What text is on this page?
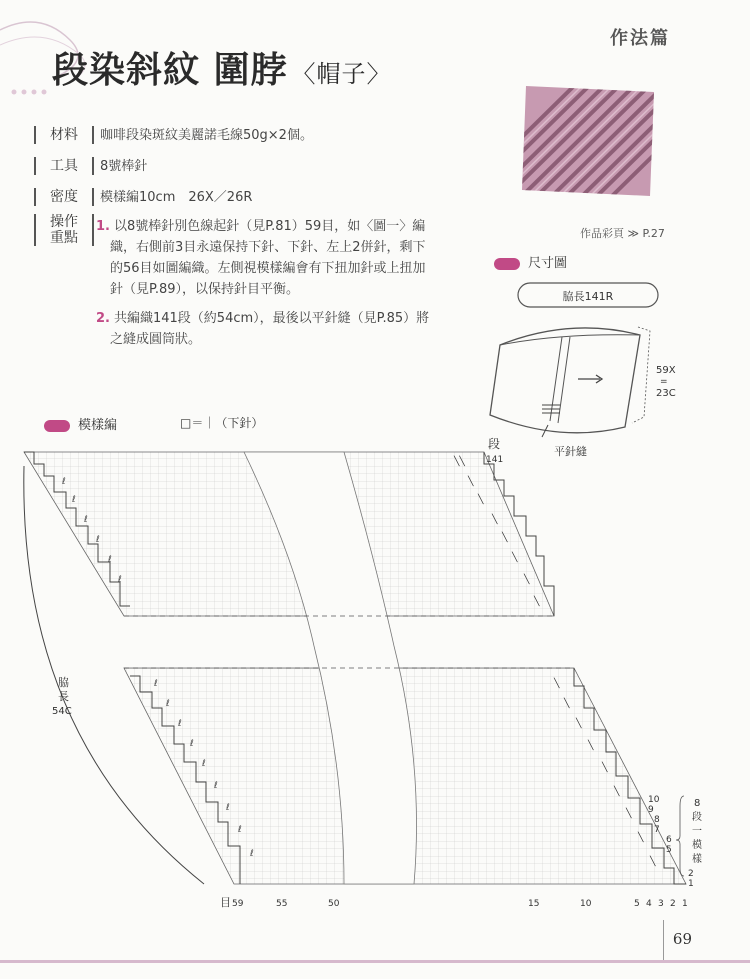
段染斜紋 圍脖 〈帽子〉
作法篇
材料 咖啡段染斑紋美麗諾毛線50g×2個。
工具 8號棒針
密度 模樣編10cm　26X／26R
操作
重點
1. 以8號棒針別色線起針（見P.81）59目，如〈圖一〉編織，右側前3目永遠保持下針、下針、左上2併針，剩下的56目如圖編織。左側視模樣編會有下扭加針或上扭加針（見P.89），以保持針目平衡。
2. 共編織141段（約54cm），最後以平針縫（見P.85）將之縫成圓筒狀。
作品彩頁 ≫ P.27
尺寸圖
脇長141R
59X
=
23C
平針縫
模樣編	□＝｜（下針）
╲╲
╲
╲
╲
╲
╲
╲
╲
╲
╲
╲
╲
╲
╲
╲
╲
╲
ℓ
ℓ
ℓ
ℓ
ℓ
ℓ
ℓ
ℓ
ℓ
ℓ
ℓ
ℓ
ℓ
ℓ
ℓ
段
141
脇
長
54C
10
9
8
7
6
5
2
1
8
段
一
模
樣
目 59	55	50	15	10	5 4 3 2 1
69
